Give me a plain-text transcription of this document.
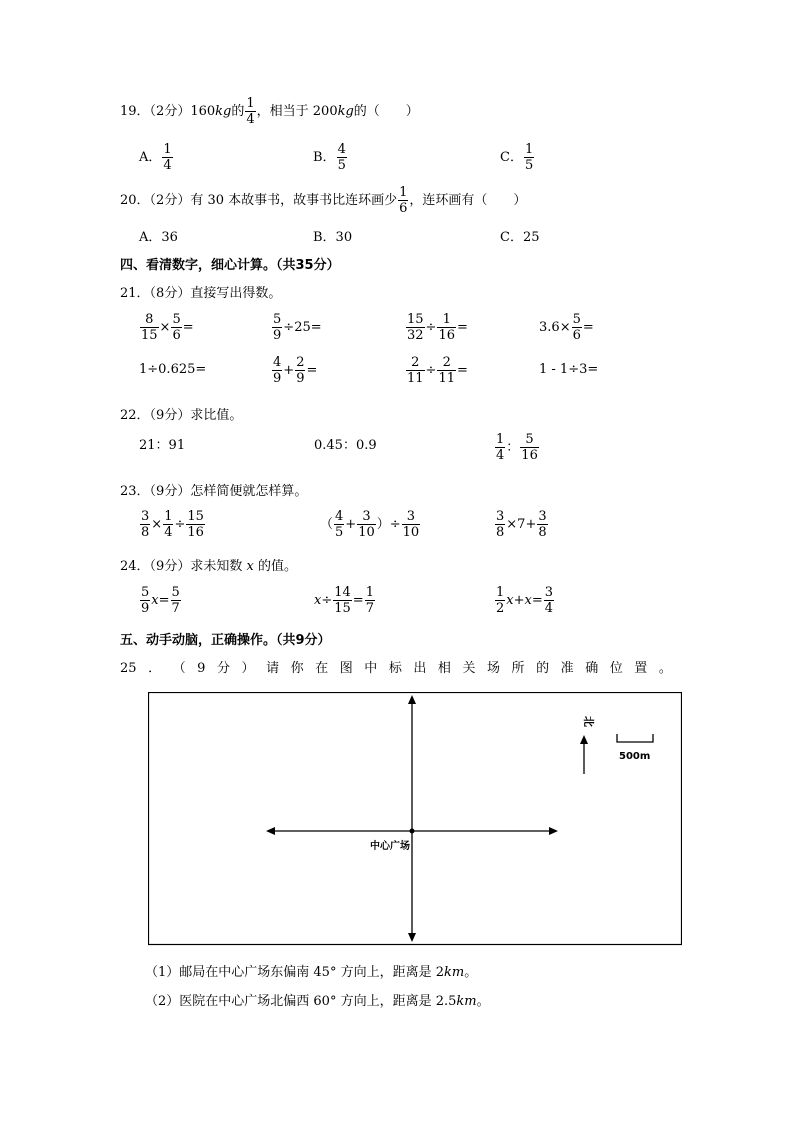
19．（2分）160kg的 $\frac{1}{4}$ ，相当于 200kg的（　　）
A． $\frac{1}{4}$	B． $\frac{4}{5}$	C． $\frac{1}{5}$
20．（2分）有 30 本故事书，故事书比连环画少 $\frac{1}{6}$ ，连环画有（　　）
A．36	B．30	C．25
四、看清数字，细心计算。（共35分）
21．（8分）直接写出得数。
$\frac{8}{15} \times \frac{5}{6}$ =	$\frac{5}{9} \div 25=$	$\frac{15}{32} \div \frac{1}{16}$ =	$3.6\times \frac{5}{6}$ =
1÷0.625=	$\frac{4}{9} + \frac{2}{9}$ =	$\frac{2}{11} \div \frac{2}{11}$ =	1 - 1÷3=
22．（9分）求比值。
21：91	0.45：0.9	$\frac{1}{4}$ ： $\frac{5}{16}$
23．（9分）怎样简便就怎样算。
$\frac{3}{8} \times \frac{1}{4} \div \frac{15}{16}$	（ $\frac{4}{5} + \frac{3}{10}$ ）÷ $\frac{3}{10}$	$\frac{3}{8} \times 7+ \frac{3}{8}$
24．（9分）求未知数 x 的值。
$\frac{5}{9} x= \frac{5}{7}$	$x\div \frac{14}{15} = \frac{1}{7}$	$\frac{1}{2} x+x= \frac{3}{4}$
五、动手动脑，正确操作。（共9分）
25 ． （ 9 分 ） 请 你 在 图 中 标 出 相 关 场 所 的 准 确 位 置 。
中心广场
北
500m
（1）邮局在中心广场东偏南 45° 方向上，距离是 2km。
（2）医院在中心广场北偏西 60° 方向上，距离是 2.5km。
